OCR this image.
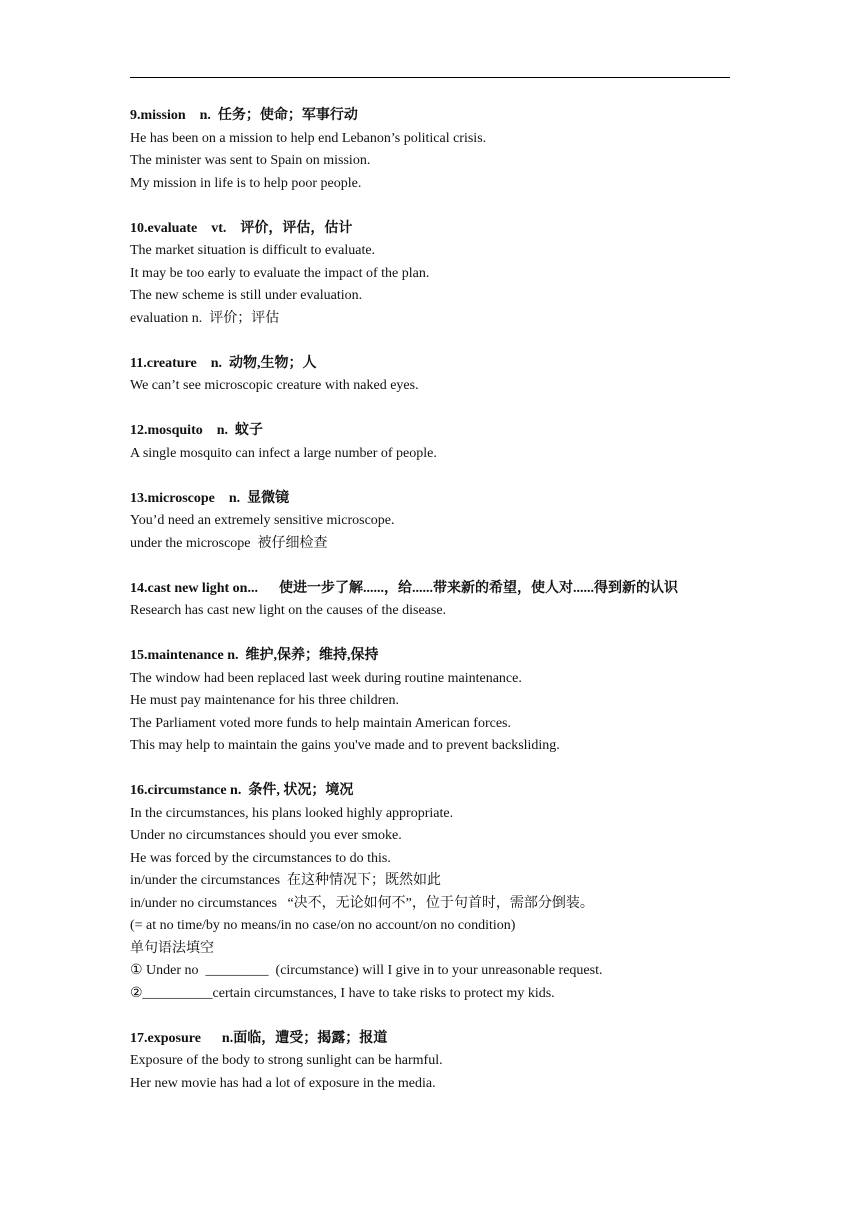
9.mission    n.  任务；使命；军事行动
He has been on a mission to help end Lebanon’s political crisis.
The minister was sent to Spain on mission.
My mission in life is to help poor people.
10.evaluate    vt.    评价，评估，估计
The market situation is difficult to evaluate.
It may be too early to evaluate the impact of the plan.
The new scheme is still under evaluation.
evaluation n.  评价；评估
11.creature    n.  动物,生物；人
We can’t see microscopic creature with naked eyes.
12.mosquito    n.  蚊子
A single mosquito can infect a large number of people.
13.microscope    n.  显微镜
You’d need an extremely sensitive microscope.
under the microscope  被仔细检查
14.cast new light on...      使进一步了解......，给......带来新的希望，使人对......得到新的认识
Research has cast new light on the causes of the disease.
15.maintenance n.  维护,保养；维持,保持
The window had been replaced last week during routine maintenance.
He must pay maintenance for his three children.
The Parliament voted more funds to help maintain American forces.
This may help to maintain the gains you've made and to prevent backsliding.
16.circumstance n.  条件, 状况；境况
In the circumstances, his plans looked highly appropriate.
Under no circumstances should you ever smoke.
He was forced by the circumstances to do this.
in/under the circumstances  在这种情况下；既然如此
in/under no circumstances   “决不，无论如何不”，位于句首时，需部分倒装。
(= at no time/by no means/in no case/on no account/on no condition)
单句语法填空
① Under no  _________  (circumstance) will I give in to your unreasonable request.
②__________certain circumstances, I have to take risks to protect my kids.
17.exposure      n.面临，遭受；揭露；报道
Exposure of the body to strong sunlight can be harmful.
Her new movie has had a lot of exposure in the media.
